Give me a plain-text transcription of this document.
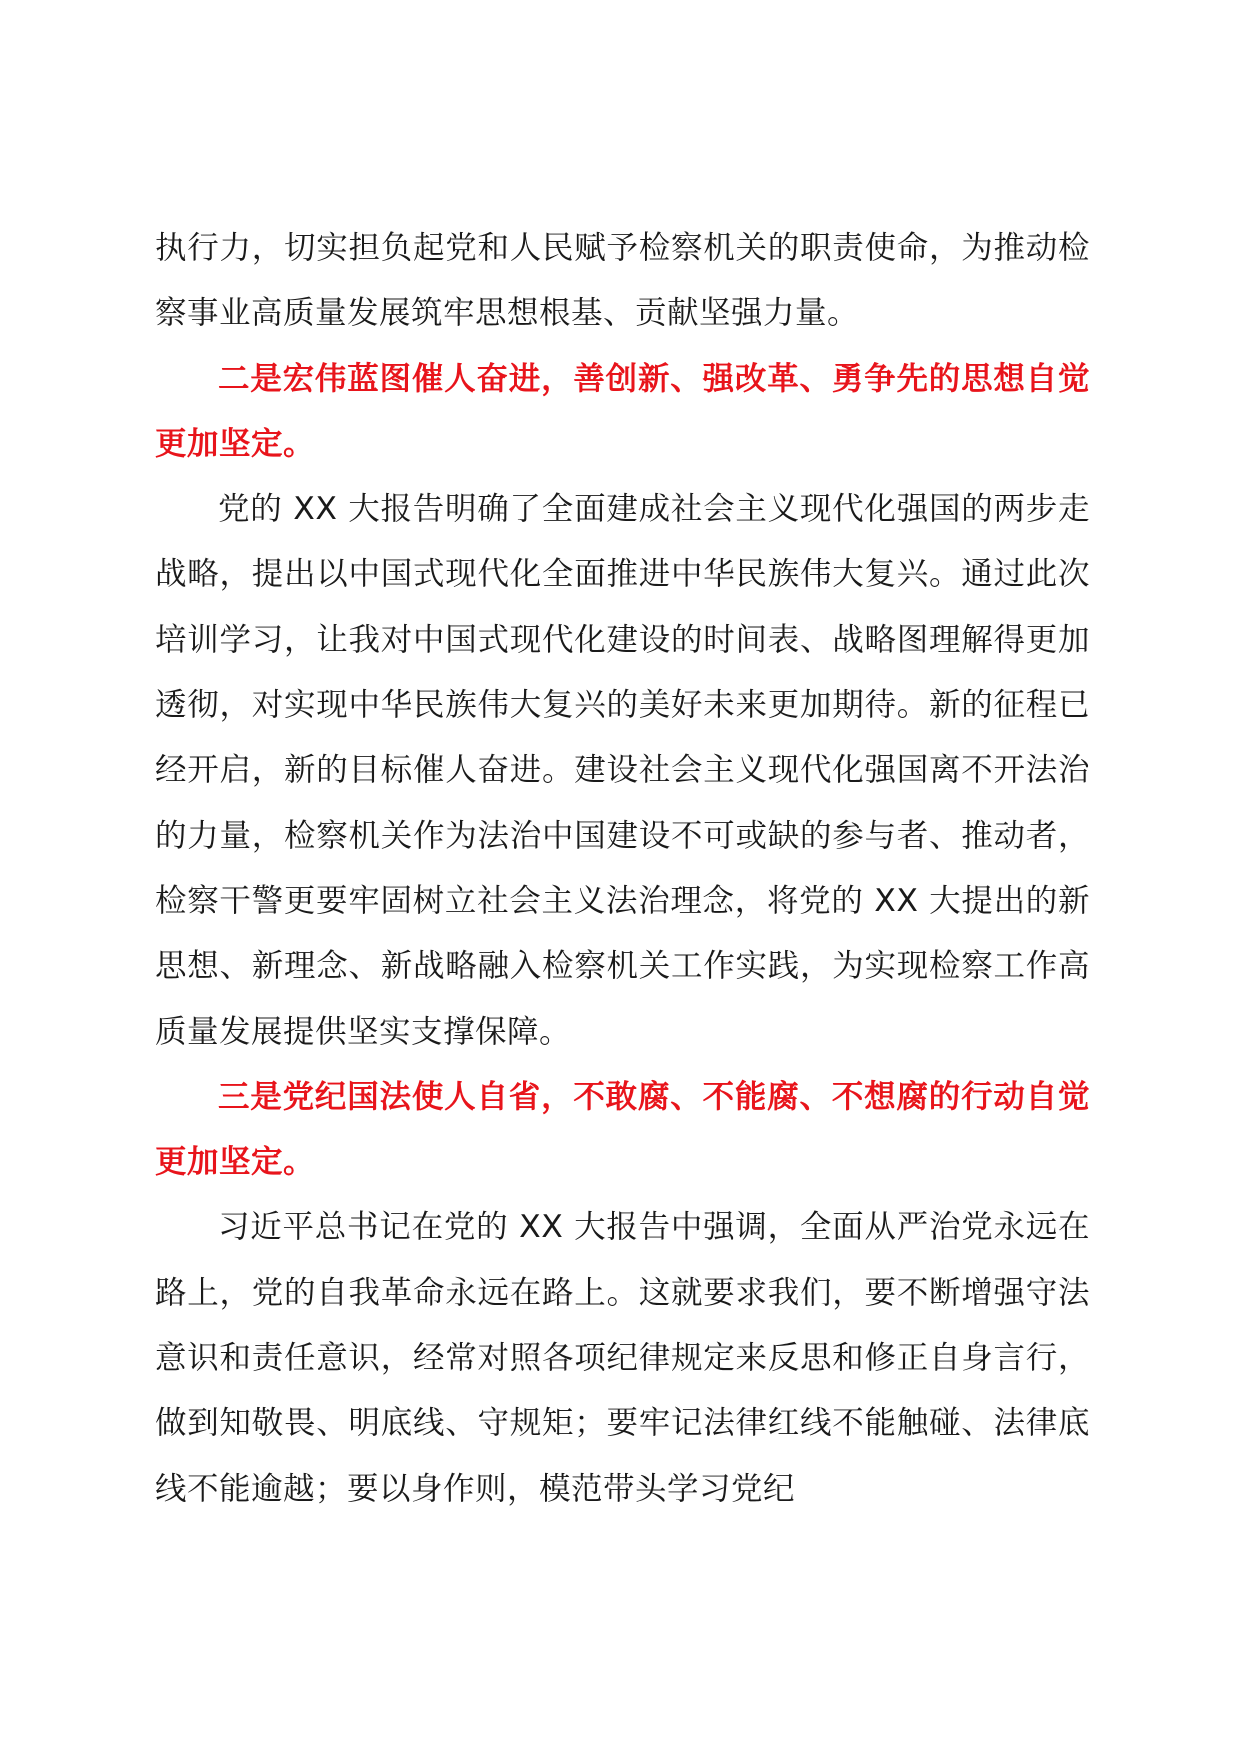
执行力，切实担负起党和人民赋予检察机关的职责使命，为推动检察事业高质量发展筑牢思想根基、贡献坚强力量。

二是宏伟蓝图催人奋进，善创新、强改革、勇争先的思想自觉更加坚定。

党的 XX 大报告明确了全面建成社会主义现代化强国的两步走战略，提出以中国式现代化全面推进中华民族伟大复兴。通过此次培训学习，让我对中国式现代化建设的时间表、战略图理解得更加透彻，对实现中华民族伟大复兴的美好未来更加期待。新的征程已经开启，新的目标催人奋进。建设社会主义现代化强国离不开法治的力量，检察机关作为法治中国建设不可或缺的参与者、推动者，检察干警更要牢固树立社会主义法治理念，将党的 XX 大提出的新思想、新理念、新战略融入检察机关工作实践，为实现检察工作高质量发展提供坚实支撑保障。

三是党纪国法使人自省，不敢腐、不能腐、不想腐的行动自觉更加坚定。

习近平总书记在党的 XX 大报告中强调，全面从严治党永远在路上，党的自我革命永远在路上。这就要求我们，要不断增强守法意识和责任意识，经常对照各项纪律规定来反思和修正自身言行，做到知敬畏、明底线、守规矩；要牢记法律红线不能触碰、法律底线不能逾越；要以身作则，模范带头学习党纪
